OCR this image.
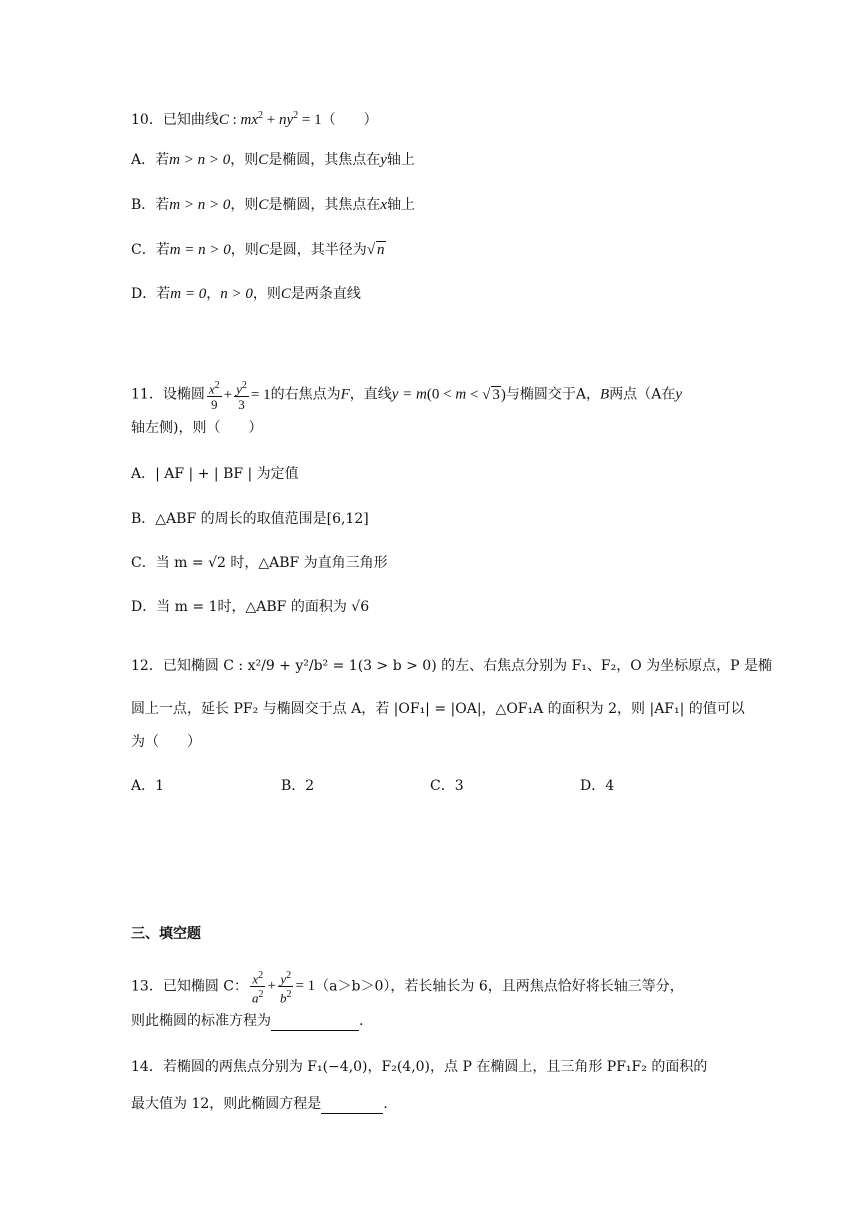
10．已知曲线C : $mx^2 + ny^2 = 1$（　　）
A．若m > n > 0，则C是椭圆，其焦点在y轴上
B．若m > n > 0，则C是椭圆，其焦点在x轴上
C．若m = n > 0，则C是圆，其半径为√ n
D．若m = 0，n > 0，则C是两条直线
11．设椭圆 $\frac{x^2}{9} + \frac{y^2}{3} = 1$的右焦点为F，直线y = m(0 < m < √ 3)与椭圆交于A，B两点（A在y
轴左侧)，则（　　）
A．| AF | + | BF | 为定值
B．△ABF 的周长的取值范围是[6,12]
C．当 m = √2 时，△ABF 为直角三角形
D．当 m = 1时，△ABF 的面积为 √6
12．已知椭圆 C : x²/9 + y²/b² = 1(3 > b > 0) 的左、右焦点分别为 F₁、F₂，O 为坐标原点，P 是椭
圆上一点，延长 PF₂ 与椭圆交于点 A，若 |OF₁| = |OA|，△OF₁A 的面积为 2，则 |AF₁| 的值可以
为（　　）
A．1	B．2	C．3	D．4
三、填空题
13．已知椭圆 C： $\frac{x^2}{a^2} + \frac{y^2}{b^2} = 1(a>b>0)$，若长轴长为 6，且两焦点恰好将长轴三等分，
则此椭圆的标准方程为	.
14．若椭圆的两焦点分别为 F₁(−4,0)，F₂(4,0)，点 P 在椭圆上，且三角形 PF₁F₂ 的面积的
最大值为 12，则此椭圆方程是	.
